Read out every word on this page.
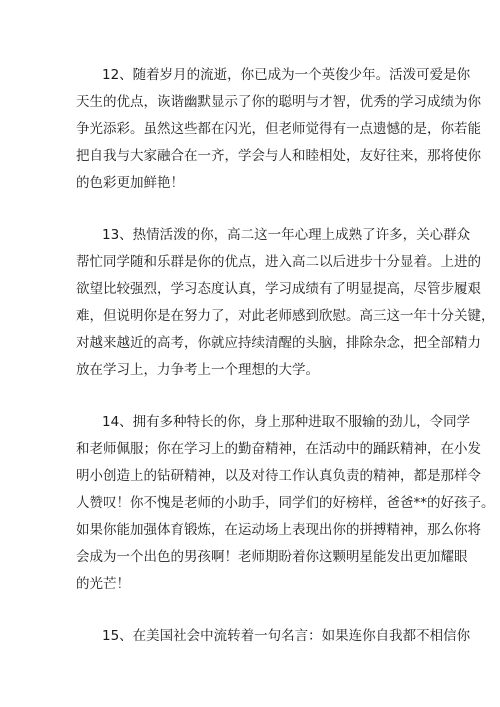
12、随着岁月的流逝，你已成为一个英俊少年。活泼可爱是你
天生的优点，诙谐幽默显示了你的聪明与才智，优秀的学习成绩为你
争光添彩。虽然这些都在闪光，但老师觉得有一点遗憾的是，你若能
把自我与大家融合在一齐，学会与人和睦相处，友好往来，那将使你
的色彩更加鲜艳！
13、热情活泼的你，高二这一年心理上成熟了许多，关心群众
帮忙同学随和乐群是你的优点，进入高二以后进步十分显着。上进的
欲望比较强烈，学习态度认真，学习成绩有了明显提高，尽管步履艰
难，但说明你是在努力了，对此老师感到欣慰。高三这一年十分关键，
对越来越近的高考，你就应持续清醒的头脑，排除杂念，把全部精力
放在学习上，力争考上一个理想的大学。
14、拥有多种特长的你，身上那种进取不服输的劲儿，令同学
和老师佩服；你在学习上的勤奋精神，在活动中的踊跃精神，在小发
明小创造上的钻研精神，以及对待工作认真负责的精神，都是那样令
人赞叹！你不愧是老师的小助手，同学们的好榜样，爸爸**的好孩子。
如果你能加强体育锻炼，在运动场上表现出你的拼搏精神，那么你将
会成为一个出色的男孩啊！老师期盼着你这颗明星能发出更加耀眼
的光芒！
15、在美国社会中流转着一句名言：如果连你自我都不相信你
